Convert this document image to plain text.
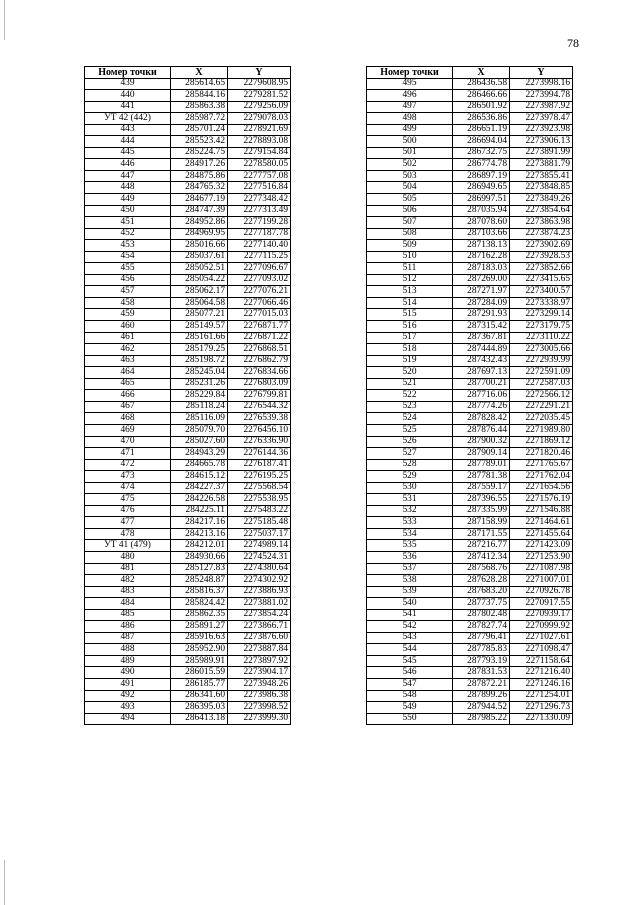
78
Номер точки	X	Y
439	285614.65	2279608.95
440	285844.16	2279281.52
441	285863.38	2279256.09
УТ 42 (442)	285987.72	2279078.03
443	285701.24	2278921.69
444	285523.42	2278893.08
445	285224.75	2279154.84
446	284917.26	2278580.05
447	284875.86	2277757.08
448	284765.32	2277516.84
449	284677.19	2277348.42
450	284747.39	2277313.49
451	284952.86	2277199.28
452	284969.95	2277187.78
453	285016.66	2277140.40
454	285037.61	2277115.25
455	285052.51	2277096.67
456	285054.22	2277093.02
457	285062.17	2277076.21
458	285064.58	2277066.46
459	285077.21	2277015.03
460	285149.57	2276871.77
461	285161.66	2276871.22
462	285179.25	2276868.51
463	285198.72	2276862.79
464	285245.04	2276834.66
465	285231.26	2276803.09
466	285229.84	2276799.81
467	285118.24	2276544.32
468	285116.09	2276539.38
469	285079.70	2276456.10
470	285027.60	2276336.90
471	284943.29	2276144.36
472	284665.78	2276187.41
473	284615.12	2276195.25
474	284227.37	2275568.54
475	284226.58	2275538.95
476	284225.11	2275483.22
477	284217.16	2275185.48
478	284213.16	2275037.17
УТ 41 (479)	284212.01	2274989.14
480	284930.66	2274524.31
481	285127.83	2274380.64
482	285248.87	2274302.92
483	285816.37	2273886.93
484	285824.42	2273881.02
485	285862.35	2273854.24
486	285891.27	2273866.71
487	285916.63	2273876.60
488	285952.90	2273887.84
489	285989.91	2273897.92
490	286015.59	2273904.17
491	286185.77	2273948.26
492	286341.60	2273986.38
493	286395.03	2273998.52
494	286413.18	2273999.30
Номер точки	X	Y
495	286436.58	2273998.16
496	286466.66	2273994.78
497	286501.92	2273987.92
498	286536.86	2273978.47
499	286651.19	2273923.98
500	286694.04	2273906.13
501	286732.75	2273891.99
502	286774.78	2273881.79
503	286897.19	2273855.41
504	286949.65	2273848.85
505	286997.51	2273849.26
506	287035.94	2273854.64
507	287078.60	2273863.98
508	287103.66	2273874.23
509	287138.13	2273902.69
510	287162.28	2273928.53
511	287183.03	2273852.66
512	287269.00	2273415.65
513	287271.97	2273400.57
514	287284.09	2273338.97
515	287291.93	2273299.14
516	287315.42	2273179.75
517	287367.81	2273110.22
518	287444.89	2273005.66
519	287432.43	2272939.99
520	287697.13	2272591.09
521	287700.21	2272587.03
522	287716.06	2272566.12
523	287774.26	2272291.21
524	287828.42	2272035.45
525	287876.44	2271989.80
526	287900.32	2271869.12
527	287909.14	2271820.46
528	287789.01	2271765.67
529	287781.38	2271762.04
530	287559.17	2271654.56
531	287396.55	2271576.19
532	287335.99	2271546.88
533	287158.99	2271464.61
534	287171.55	2271455.64
535	287216.77	2271423.09
536	287412.34	2271253.90
537	287568.76	2271087.98
538	287628.28	2271007.01
539	287683.20	2270926.78
540	287737.75	2270917.55
541	287802.48	2270939.17
542	287827.74	2270999.92
543	287796.41	2271027.61
544	287785.83	2271098.47
545	287793.19	2271158.64
546	287831.53	2271216.40
547	287872.21	2271246.16
548	287899.26	2271254.01
549	287944.52	2271296.73
550	287985.22	2271330.09
